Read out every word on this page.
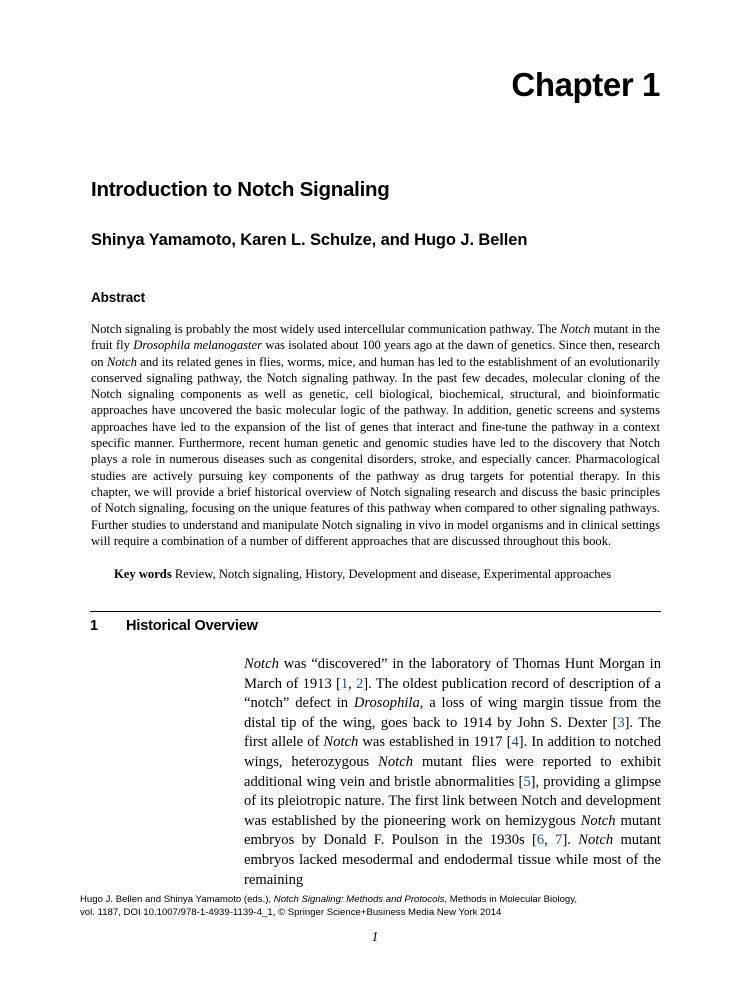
Chapter 1
Introduction to Notch Signaling
Shinya Yamamoto, Karen L. Schulze, and Hugo J. Bellen
Abstract

Notch signaling is probably the most widely used intercellular communication pathway. The Notch mutant in the fruit fly Drosophila melanogaster was isolated about 100 years ago at the dawn of genetics. Since then, research on Notch and its related genes in flies, worms, mice, and human has led to the establishment of an evolutionarily conserved signaling pathway, the Notch signaling pathway. In the past few decades, molecular cloning of the Notch signaling components as well as genetic, cell biological, biochemical, structural, and bioinformatic approaches have uncovered the basic molecular logic of the pathway. In addition, genetic screens and systems approaches have led to the expansion of the list of genes that interact and fine-tune the pathway in a context specific manner. Furthermore, recent human genetic and genomic studies have led to the discovery that Notch plays a role in numerous diseases such as congenital disorders, stroke, and especially cancer. Pharmacological studies are actively pursuing key components of the pathway as drug targets for potential therapy. In this chapter, we will provide a brief historical overview of Notch signaling research and discuss the basic principles of Notch signaling, focusing on the unique features of this pathway when compared to other signaling pathways. Further studies to understand and manipulate Notch signaling in vivo in model organisms and in clinical settings will require a combination of a number of different approaches that are discussed throughout this book.

Key words Review, Notch signaling, History, Development and disease, Experimental approaches

1	Historical Overview

Notch was “discovered” in the laboratory of Thomas Hunt Morgan in March of 1913 [1, 2]. The oldest publication record of description of a “notch” defect in Drosophila, a loss of wing margin tissue from the distal tip of the wing, goes back to 1914 by John S. Dexter [3]. The first allele of Notch was established in 1917 [4]. In addition to notched wings, heterozygous Notch mutant flies were reported to exhibit additional wing vein and bristle abnormalities [5], providing a glimpse of its pleiotropic nature. The first link between Notch and development was established by the pioneering work on hemizygous Notch mutant embryos by Donald F. Poulson in the 1930s [6, 7]. Notch mutant embryos lacked mesodermal and endodermal tissue while most of the remaining

Hugo J. Bellen and Shinya Yamamoto (eds.), Notch Signaling: Methods and Protocols, Methods in Molecular Biology,
vol. 1187, DOI 10.1007/978-1-4939-1139-4_1, © Springer Science+Business Media New York 2014
1
